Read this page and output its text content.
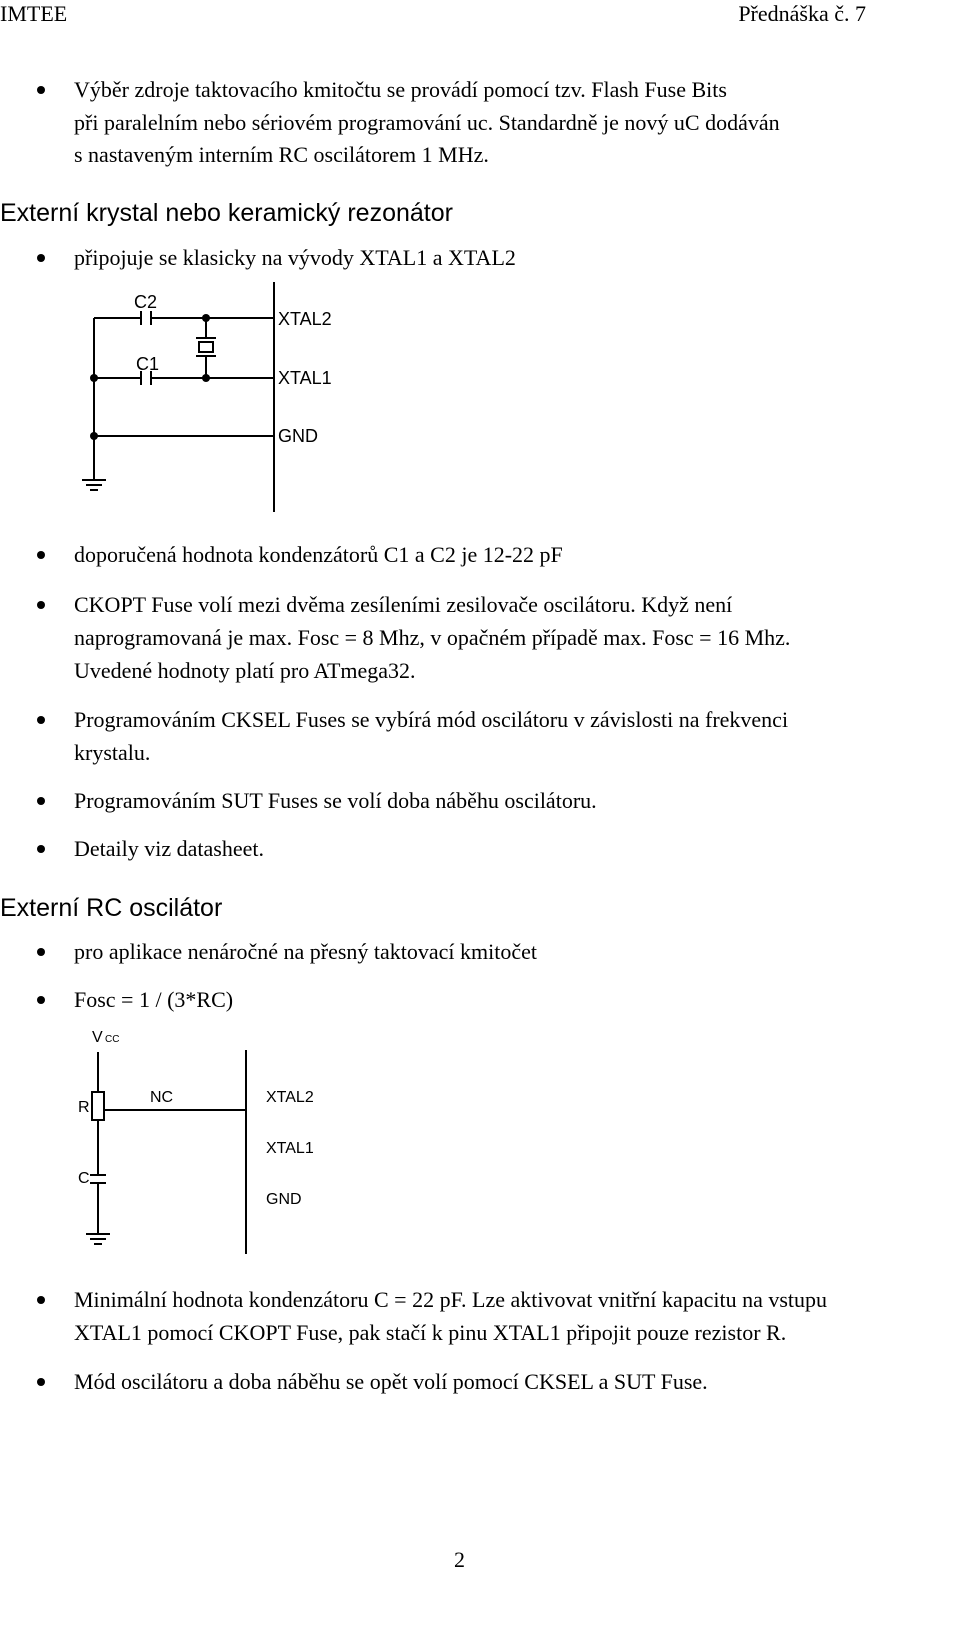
IMTEE	Přednáška č. 7
Výběr zdroje taktovacího kmitočtu se provádí pomocí tzv. Flash Fuse Bits
při paralelním nebo sériovém programování uc. Standardně je nový uC dodáván
s nastaveným interním RC oscilátorem 1 MHz.
Externí krystal nebo keramický rezonátor
připojuje se klasicky na vývody XTAL1 a XTAL2
C2
C1
XTAL2
XTAL1
GND
doporučená hodnota kondenzátorů C1 a C2 je 12-22 pF
CKOPT Fuse volí mezi dvěma zesíleními zesilovače oscilátoru. Když není
naprogramovaná je max. Fosc = 8 Mhz, v opačném případě max. Fosc = 16 Mhz.
Uvedené hodnoty platí pro ATmega32.
Programováním CKSEL Fuses se vybírá mód oscilátoru v závislosti na frekvenci
krystalu.
Programováním SUT Fuses se volí doba náběhu oscilátoru.
Detaily viz datasheet.
Externí RC oscilátor
pro aplikace nenáročné na přesný taktovací kmitočet
Fosc = 1 / (3*RC)
V CC
R
NC
C
XTAL2
XTAL1
GND
Minimální hodnota kondenzátoru C = 22 pF. Lze aktivovat vnitřní kapacitu na vstupu
XTAL1 pomocí CKOPT Fuse, pak stačí k pinu XTAL1 připojit pouze rezistor R.
Mód oscilátoru a doba náběhu se opět volí pomocí CKSEL a SUT Fuse.
2
